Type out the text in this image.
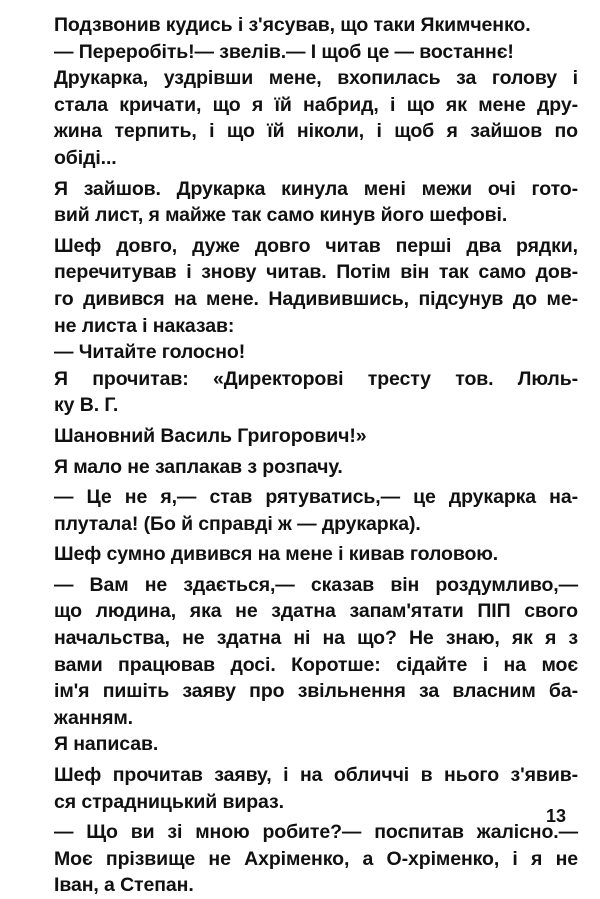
Подзвонив кудись і з'ясував, що таки Якимченко.
— Переробіть!— звелів.— І щоб це — востаннє!
Друкарка, уздрівши мене, вхопилась за голову і
стала кричати, що я їй набрид, і що як мене дру-
жина терпить, і що їй ніколи, і щоб я зайшов по
обіді...
Я зайшов. Друкарка кинула мені межи очі гото-
вий лист, я майже так само кинув його шефові.
Шеф довго, дуже довго читав перші два рядки,
перечитував і знову читав. Потім він так само дов-
го дивився на мене. Надивившись, підсунув до ме-
не листа і наказав:
— Читайте голосно!
Я прочитав: «Директорові тресту тов. Люль-
ку В. Г.
Шановний Василь Григорович!»
Я мало не заплакав з розпачу.
— Це не я,— став рятуватись,— це друкарка на-
плутала! (Бо й справді ж — друкарка).
Шеф сумно дивився на мене і кивав головою.
— Вам не здається,— сказав він роздумливо,—
що людина, яка не здатна запам'ятати ПІП свого
начальства, не здатна ні на що? Не знаю, як я з
вами працював досі. Коротше: сідайте і на моє
ім'я пишіть заяву про звільнення за власним ба-
жанням.
Я написав.
Шеф прочитав заяву, і на обличчі в нього з'явив-
ся страдницький вираз.
— Що ви зі мною робите?— поспитав жалісно.—
Моє прізвище не Ахріменко, а О-хріменко, і я не
Іван, а Степан.
13
